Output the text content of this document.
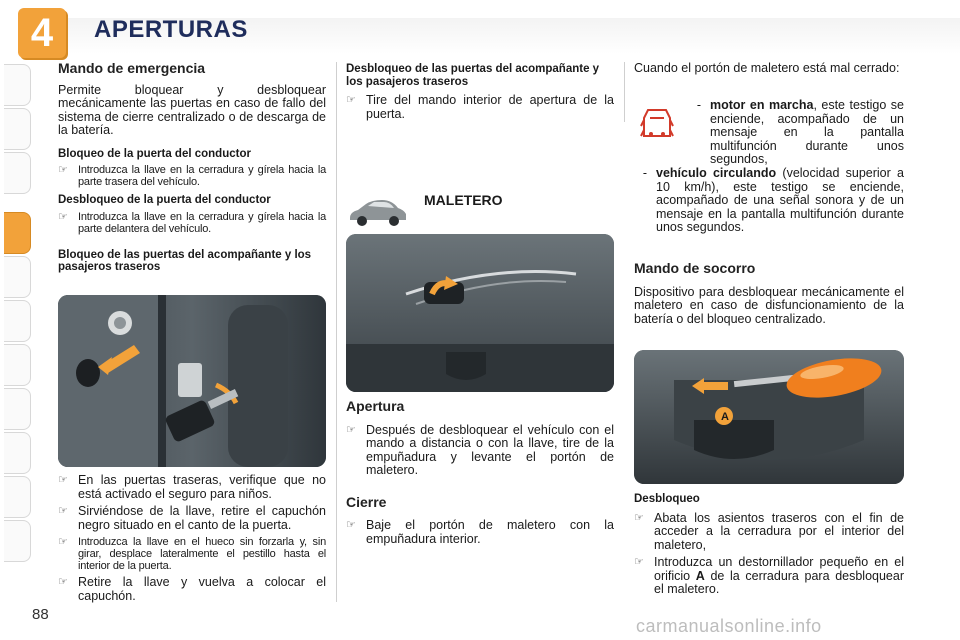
4	APERTURAS
Mando de emergencia

Permite bloquear y desbloquear mecánicamente las puertas en caso de fallo del sistema de cierre centralizado o de descarga de la batería.

Bloqueo de la puerta del conductor
☞ Introduzca la llave en la cerradura y gírela hacia la parte trasera del vehículo.
Desbloqueo de la puerta del conductor
☞ Introduzca la llave en la cerradura y gírela hacia la parte delantera del vehículo.
Bloqueo de las puertas del acompañante y los pasajeros traseros
☞ En las puertas traseras, verifique que no está activado el seguro para niños.
☞ Sirviéndose de la llave, retire el capuchón negro situado en el canto de la puerta.
☞ Introduzca la llave en el hueco sin forzarla y, sin girar, desplace lateralmente el pestillo hasta el interior de la puerta.
☞ Retire la llave y vuelva a colocar el capuchón.
Desbloqueo de las puertas del acompañante y los pasajeros traseros
☞ Tire del mando interior de apertura de la puerta.
MALETERO
Apertura
☞ Después de desbloquear el vehículo con el mando a distancia o con la llave, tire de la empuñadura y levante el portón de maletero.
Cierre
☞ Baje el portón de maletero con la empuñadura interior.

Cuando el portón de maletero está mal cerrado:

- motor en marcha, este testigo se enciende, acompañado de un mensaje en la pantalla multifunción durante unos segundos,
- vehículo circulando (velocidad superior a 10 km/h), este testigo se enciende, acompañado de una señal sonora y de un mensaje en la pantalla multifunción durante unos segundos.
Mando de socorro

Dispositivo para desbloquear mecánicamente el maletero en caso de disfuncionamiento de la batería o del bloqueo centralizado.

A
Desbloqueo
☞ Abata los asientos traseros con el fin de acceder a la cerradura por el interior del maletero,
☞ Introduzca un destornillador pequeño en el orificio A de la cerradura para desbloquear el maletero.
88
carmanualsonline.info
